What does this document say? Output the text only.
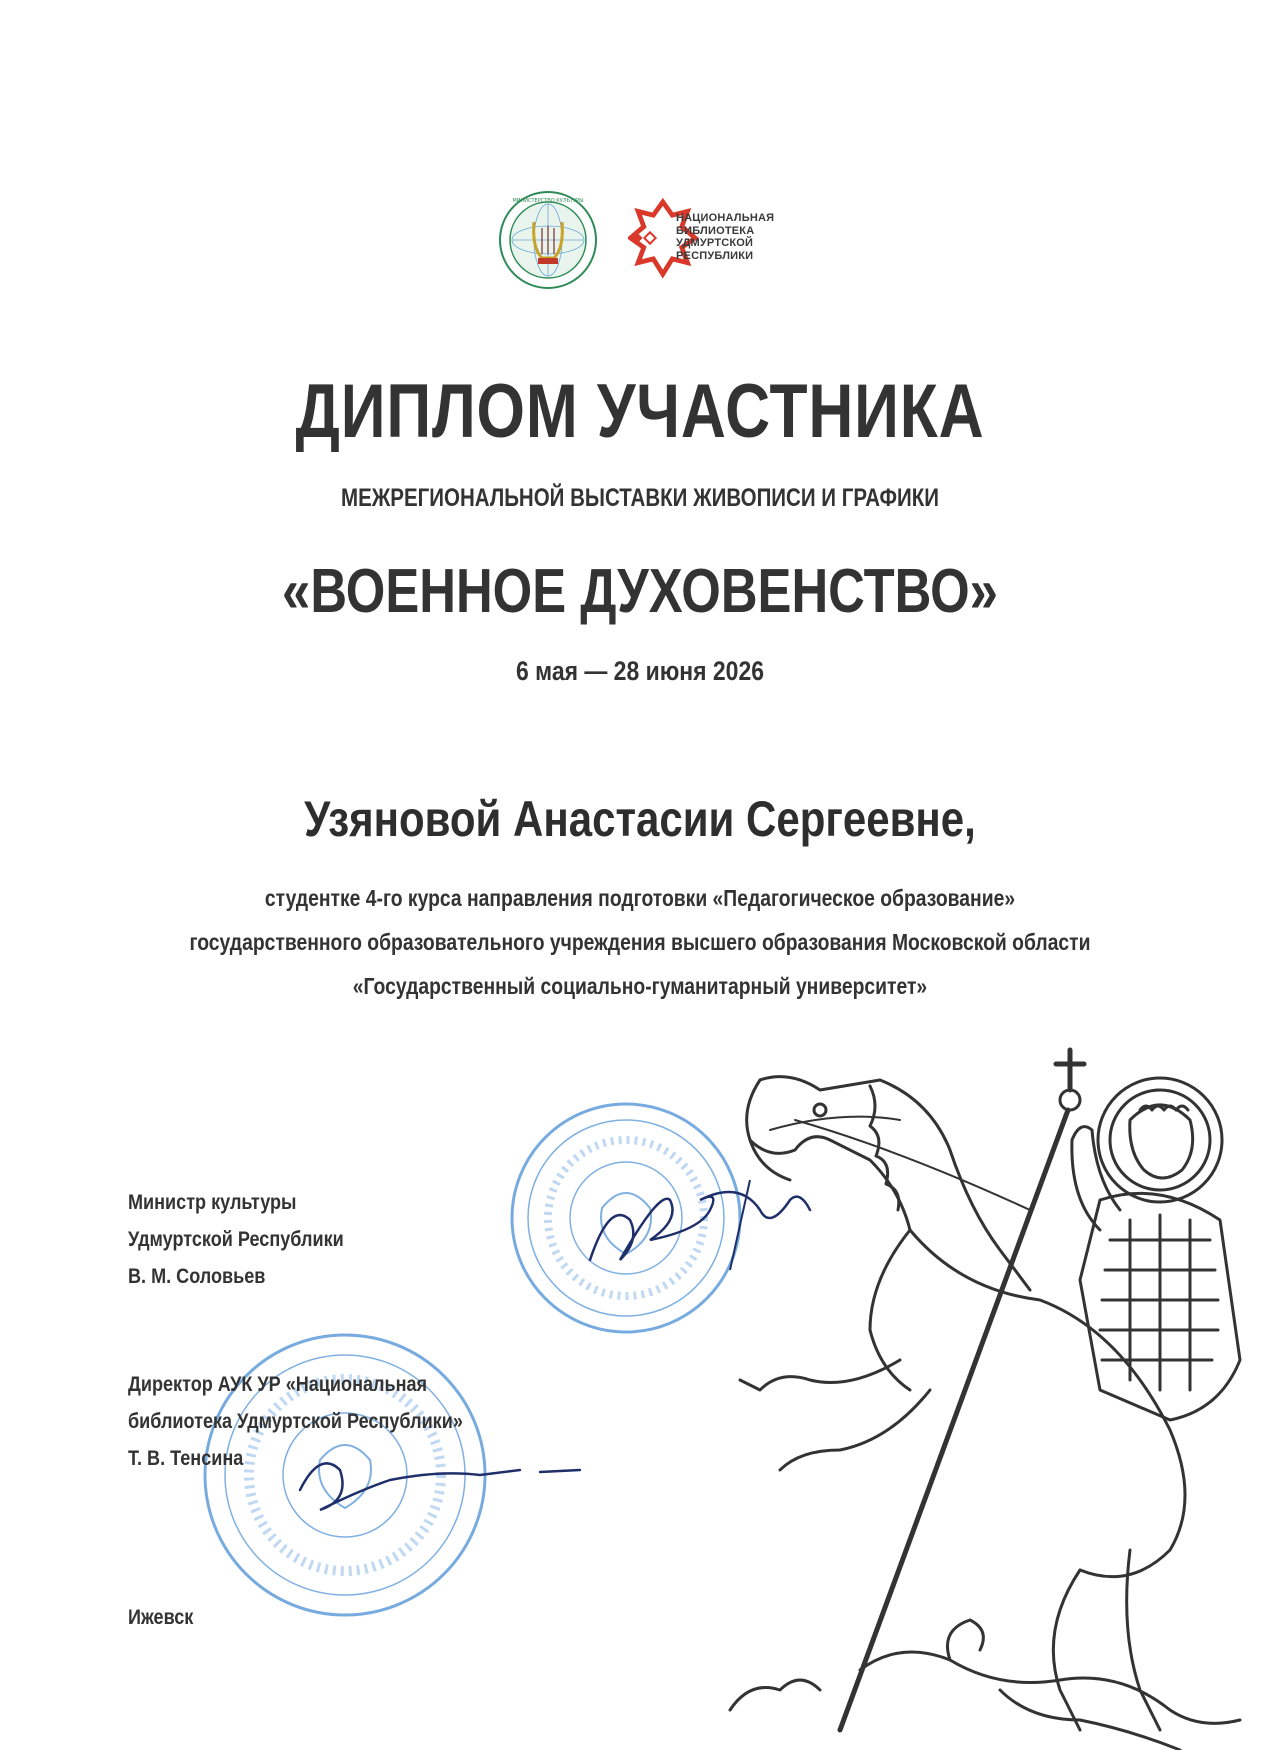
МИНИСТЕРСТВО КУЛЬТУРЫ
НАЦИОНАЛЬНАЯ
БИБЛИОТЕКА
УДМУРТСКОЙ
РЕСПУБЛИКИ
ДИПЛОМ УЧАСТНИКА
МЕЖРЕГИОНАЛЬНОЙ ВЫСТАВКИ ЖИВОПИСИ И ГРАФИКИ
«ВОЕННОЕ ДУХОВЕНСТВО»
6 мая — 28 июня 2026
Узяновой Анастасии Сергеевне,
студентке 4-го курса направления подготовки «Педагогическое образование»
государственного образовательного учреждения высшего образования Московской области
«Государственный социально-гуманитарный университет»
Министр культуры
Удмуртской Республики
В. М. Соловьев
Директор АУК УР «Национальная
библиотека Удмуртской Республики»
Т. В. Тенсина
Ижевск
